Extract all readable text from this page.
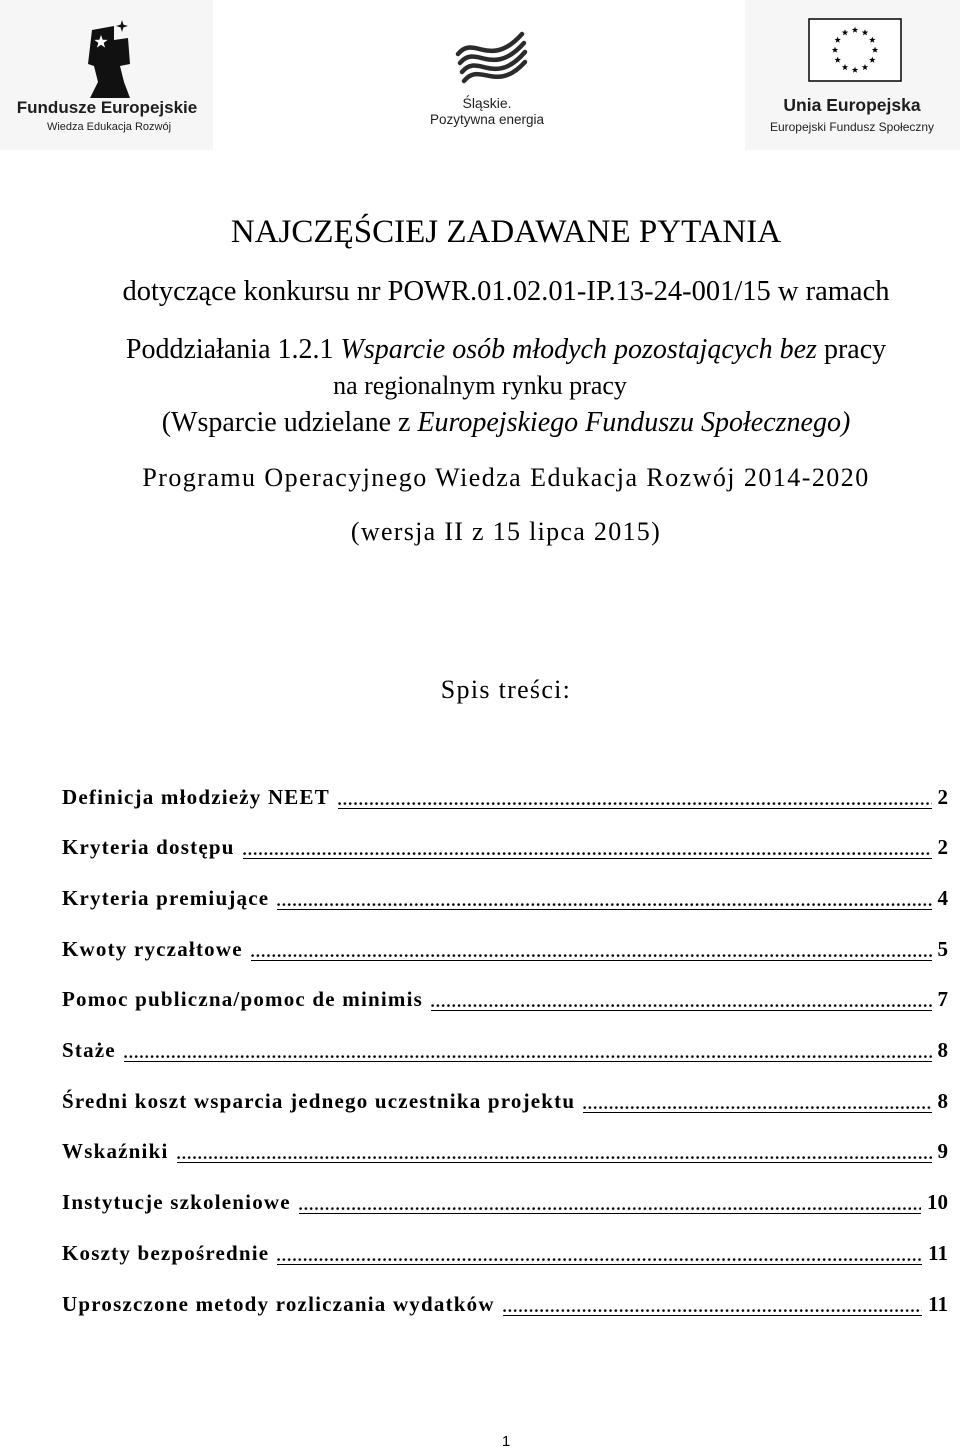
Fundusze Europejskie
Wiedza Edukacja Rozwój
Śląskie.
Pozytywna energia
Unia Europejska
Europejski Fundusz Społeczny
NAJCZĘŚCIEJ ZADAWANE PYTANIA
dotyczące konkursu nr POWR.01.02.01-IP.13-24-001/15 w ramach
Poddziałania 1.2.1 Wsparcie osób młodych pozostających bez pracy
na regionalnym rynku pracy
(Wsparcie udzielane z Europejskiego Funduszu Społecznego)
Programu Operacyjnego Wiedza Edukacja Rozwój 2014-2020
(wersja II z 15 lipca 2015)
Spis treści:
Definicja młodzieży NEET	2
Kryteria dostępu	2
Kryteria premiujące	4
Kwoty ryczałtowe	5
Pomoc publiczna/pomoc de minimis	7
Staże	8
Średni koszt wsparcia jednego uczestnika projektu	8
Wskaźniki	9
Instytucje szkoleniowe	10
Koszty bezpośrednie	11
Uproszczone metody rozliczania wydatków	11
1
